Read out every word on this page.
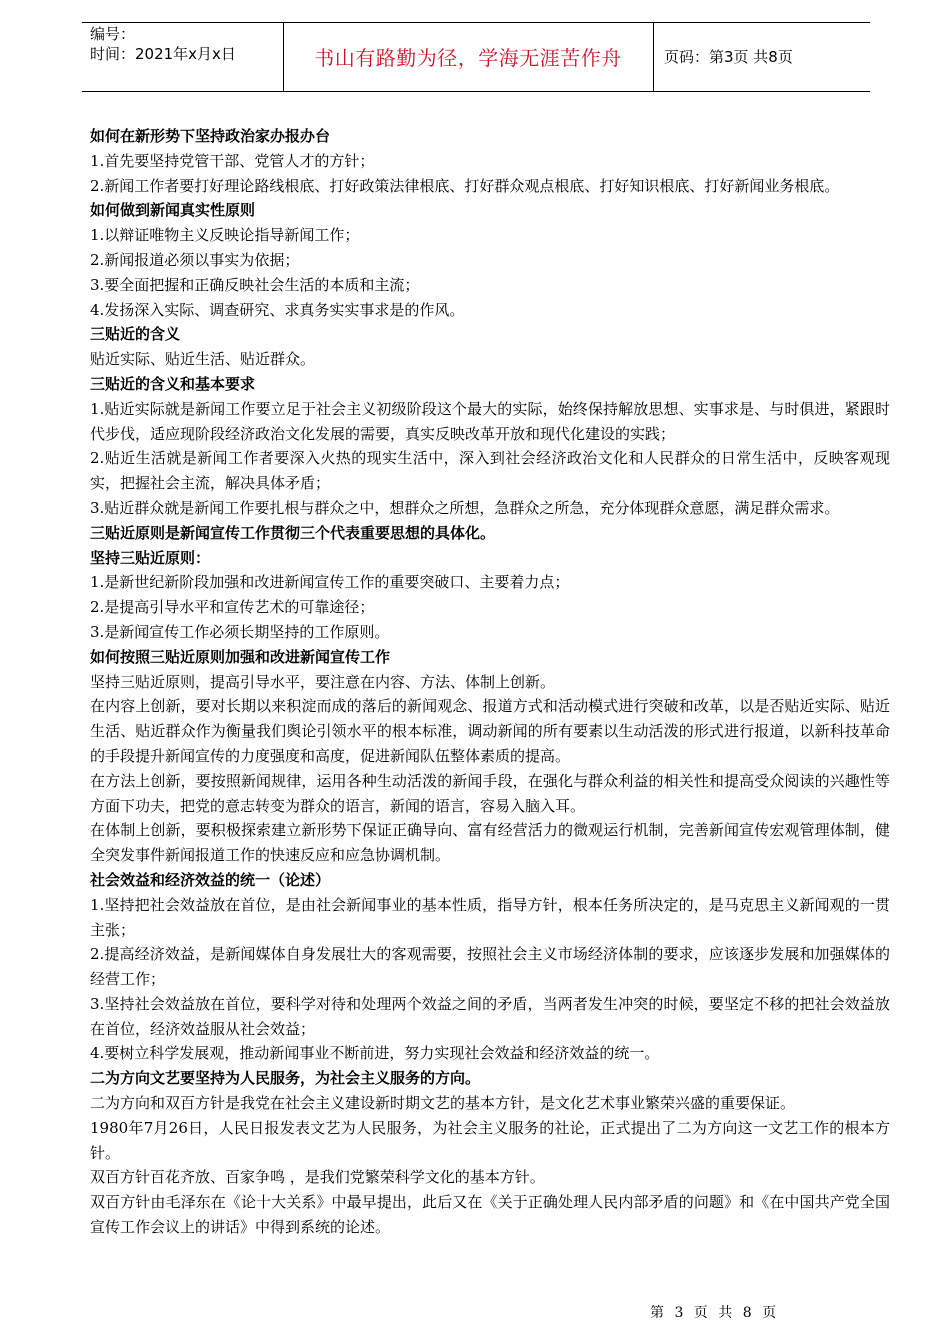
编号：
时间：2021年x月x日	书山有路勤为径，学海无涯苦作舟	页码：第3页 共8页

如何在新形势下坚持政治家办报办台

1.首先要坚持党管干部、党管人才的方针；

2.新闻工作者要打好理论路线根底、打好政策法律根底、打好群众观点根底、打好知识根底、打好新闻业务根底。

如何做到新闻真实性原则

1.以辩证唯物主义反映论指导新闻工作；

2.新闻报道必须以事实为依据；

3.要全面把握和正确反映社会生活的本质和主流；

4.发扬深入实际、调查研究、求真务实实事求是的作风。

三贴近的含义

贴近实际、贴近生活、贴近群众。

三贴近的含义和基本要求

1.贴近实际就是新闻工作要立足于社会主义初级阶段这个最大的实际，始终保持解放思想、实事求是、与时俱进，紧跟时代步伐，适应现阶段经济政治文化发展的需要，真实反映改革开放和现代化建设的实践；

2.贴近生活就是新闻工作者要深入火热的现实生活中，深入到社会经济政治文化和人民群众的日常生活中，反映客观现实，把握社会主流，解决具体矛盾；

3.贴近群众就是新闻工作要扎根与群众之中，想群众之所想，急群众之所急，充分体现群众意愿，满足群众需求。

三贴近原则是新闻宣传工作贯彻三个代表重要思想的具体化。

坚持三贴近原则：

1.是新世纪新阶段加强和改进新闻宣传工作的重要突破口、主要着力点；

2.是提高引导水平和宣传艺术的可靠途径；

3.是新闻宣传工作必须长期坚持的工作原则。

如何按照三贴近原则加强和改进新闻宣传工作

坚持三贴近原则，提高引导水平，要注意在内容、方法、体制上创新。

在内容上创新，要对长期以来积淀而成的落后的新闻观念、报道方式和活动模式进行突破和改革，以是否贴近实际、贴近生活、贴近群众作为衡量我们舆论引领水平的根本标准，调动新闻的所有要素以生动活泼的形式进行报道，以新科技革命的手段提升新闻宣传的力度强度和高度，促进新闻队伍整体素质的提高。

在方法上创新，要按照新闻规律，运用各种生动活泼的新闻手段，在强化与群众利益的相关性和提高受众阅读的兴趣性等方面下功夫，把党的意志转变为群众的语言，新闻的语言，容易入脑入耳。

在体制上创新，要积极探索建立新形势下保证正确导向、富有经营活力的微观运行机制，完善新闻宣传宏观管理体制，健全突发事件新闻报道工作的快速反应和应急协调机制。

社会效益和经济效益的统一（论述）

1.坚持把社会效益放在首位，是由社会新闻事业的基本性质，指导方针，根本任务所决定的，是马克思主义新闻观的一贯主张；

2.提高经济效益，是新闻媒体自身发展壮大的客观需要，按照社会主义市场经济体制的要求，应该逐步发展和加强媒体的经营工作；

3.坚持社会效益放在首位，要科学对待和处理两个效益之间的矛盾，当两者发生冲突的时候，要坚定不移的把社会效益放在首位，经济效益服从社会效益；

4.要树立科学发展观，推动新闻事业不断前进，努力实现社会效益和经济效益的统一。

二为方向文艺要坚持为人民服务，为社会主义服务的方向。

二为方向和双百方针是我党在社会主义建设新时期文艺的基本方针，是文化艺术事业繁荣兴盛的重要保证。

1980年7月26日，人民日报发表文艺为人民服务，为社会主义服务的社论，正式提出了二为方向这一文艺工作的根本方针。

双百方针百花齐放、百家争鸣 ，是我们党繁荣科学文化的基本方针。

双百方针由毛泽东在《论十大关系》中最早提出，此后又在《关于正确处理人民内部矛盾的问题》和《在中国共产党全国宣传工作会议上的讲话》中得到系统的论述。

第 3 页 共 8 页
